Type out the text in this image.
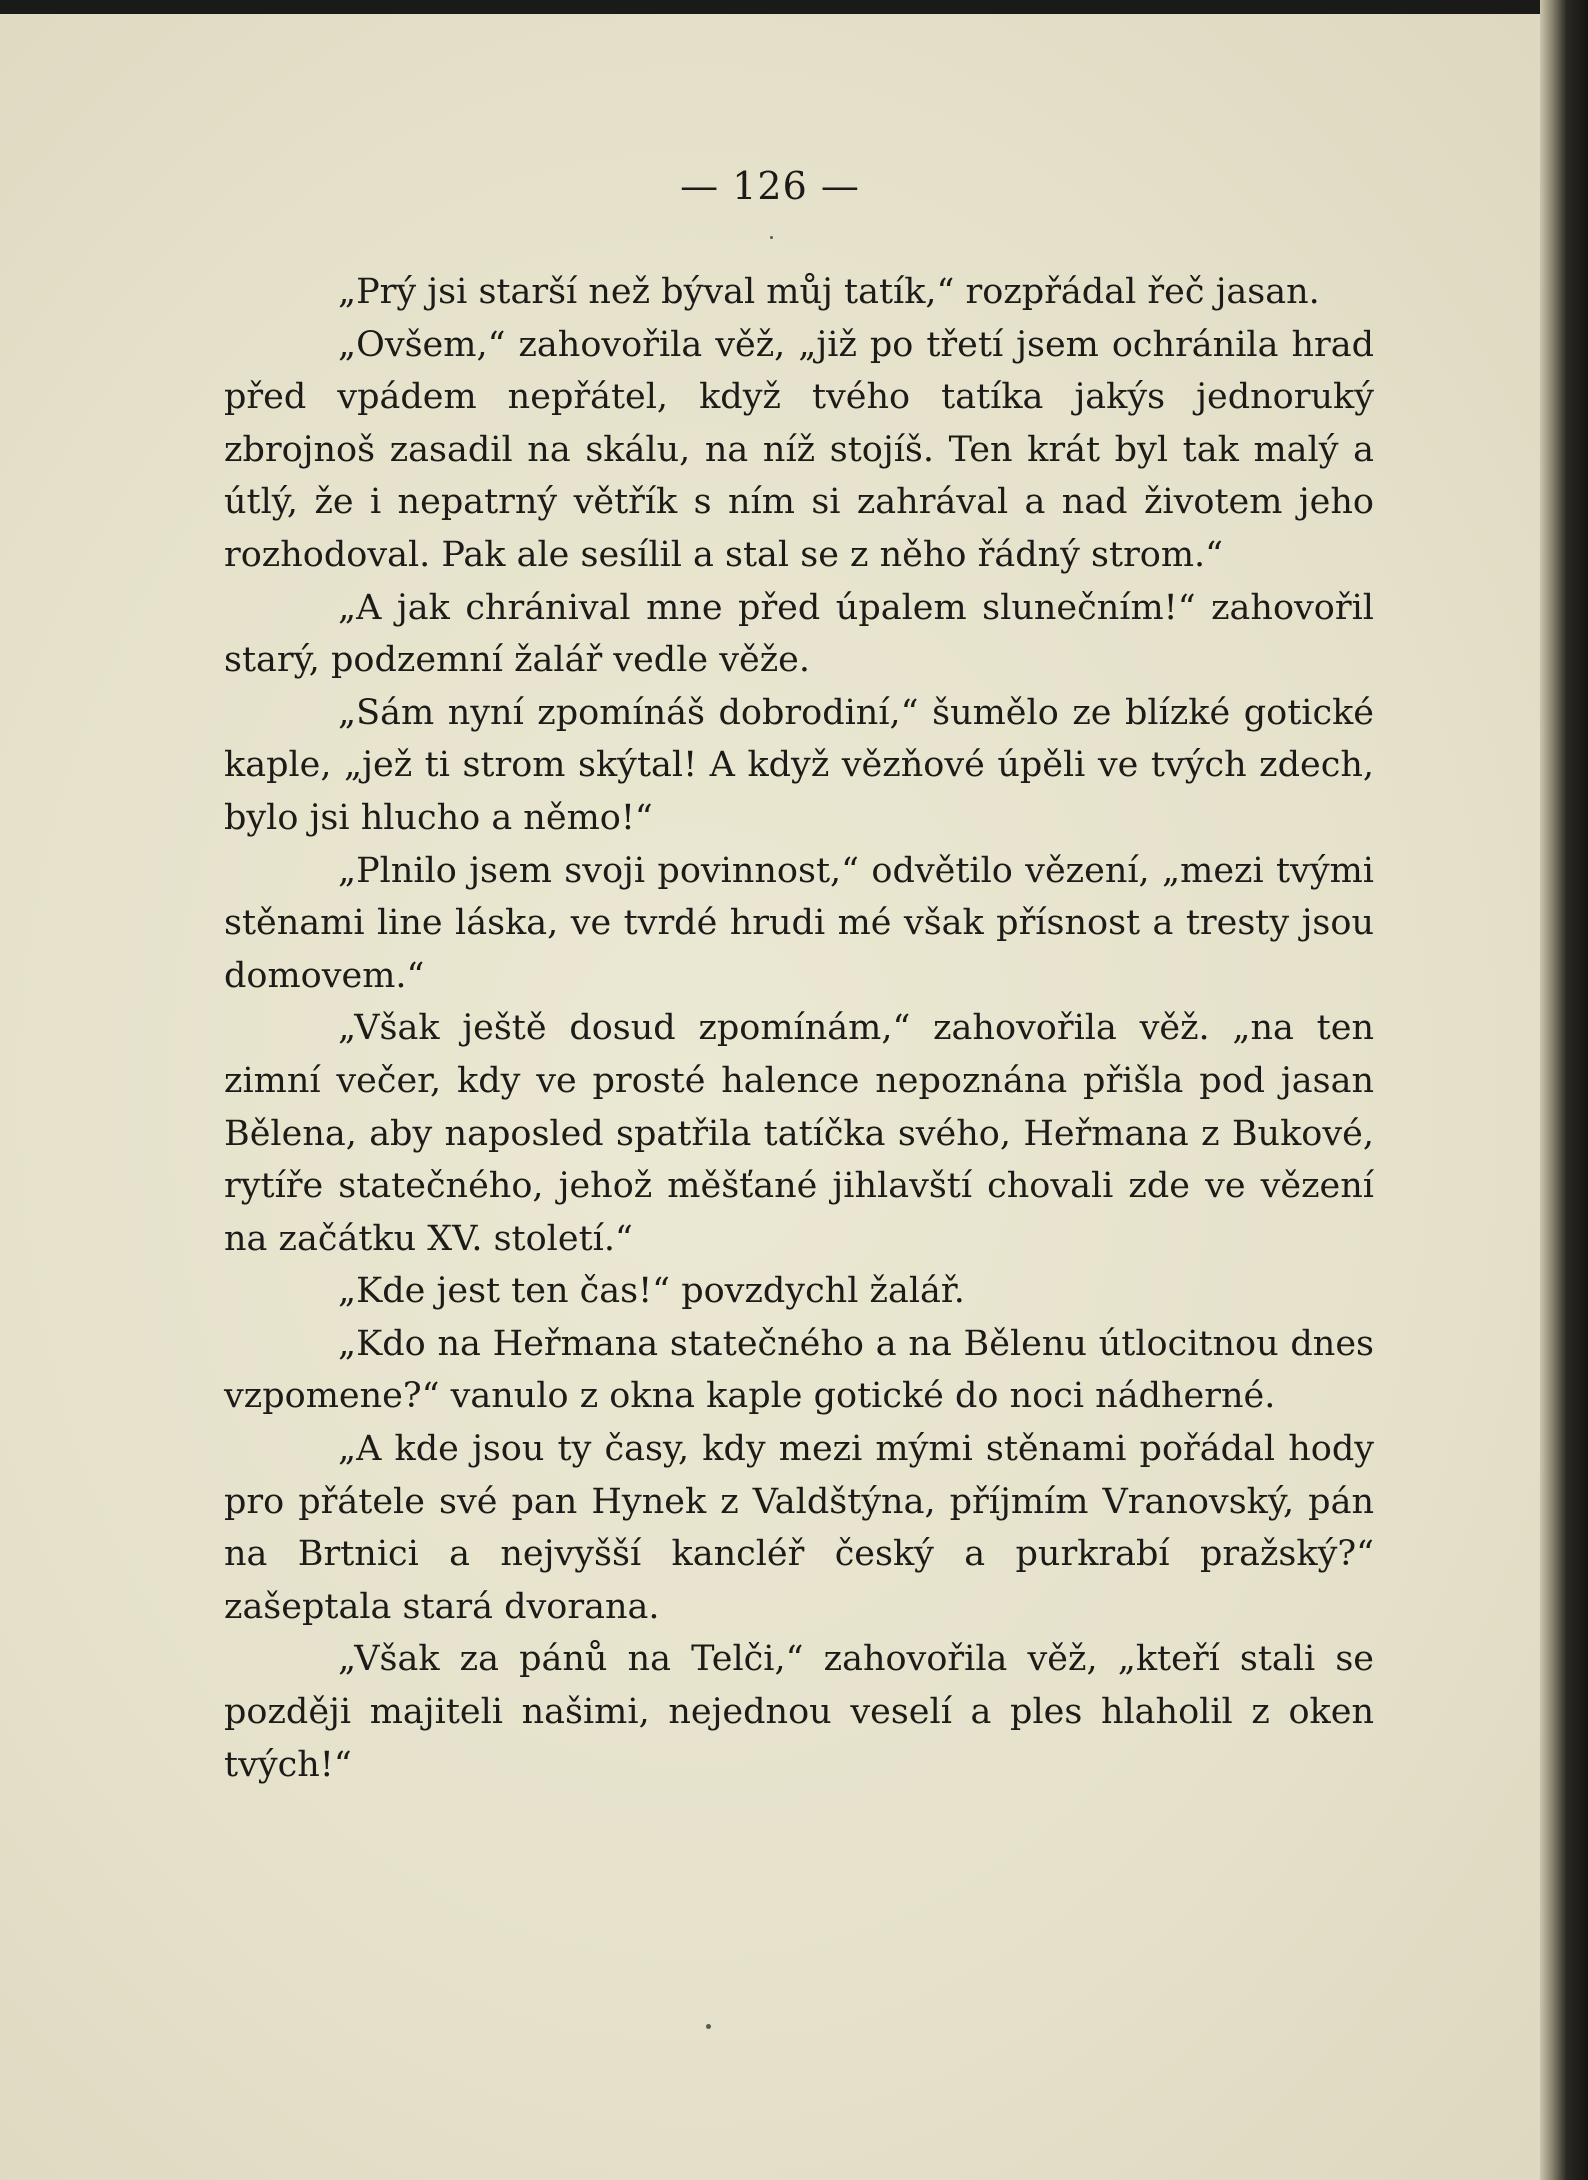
— 126 —

„Prý jsi starší než býval můj tatík,“ rozpřádal řeč jasan.

„Ovšem,“ zahovořila věž, „již po třetí jsem ochránila hrad před vpádem nepřátel, když tvého tatíka jakýs jednoruký zbrojnoš zasadil na skálu, na níž stojíš. Ten krát byl tak malý a útlý, že i nepatrný větřík s ním si zahrával a nad životem jeho rozhodoval. Pak ale sesílil a stal se z něho řádný strom.“

„A jak chránival mne před úpalem slunečním!“ zahovořil starý, podzemní žalář vedle věže.

„Sám nyní zpomínáš dobrodiní,“ šumělo ze blízké gotické kaple, „jež ti strom skýtal! A když vězňové úpěli ve tvých zdech, bylo jsi hlucho a němo!“

„Plnilo jsem svoji povinnost,“ odvětilo vězení, „mezi tvými stěnami line láska, ve tvrdé hrudi mé však přísnost a tresty jsou domovem.“

„Však ještě dosud zpomínám,“ zahovořila věž. „na ten zimní večer, kdy ve prosté halence nepoznána přišla pod jasan Bělena, aby naposled spatřila tatíčka svého, Heřmana z Bukové, rytíře statečného, jehož měšťané jihlavští chovali zde ve vězení na začátku XV. století.“

„Kde jest ten čas!“ povzdychl žalář.

„Kdo na Heřmana statečného a na Bělenu útlocitnou dnes vzpomene?“ vanulo z okna kaple gotické do noci nádherné.

„A kde jsou ty časy, kdy mezi mými stěnami pořádal hody pro přátele své pan Hynek z Valdštýna, příjmím Vranovský, pán na Brtnici a nejvyšší kancléř český a purkrabí pražský?“ zašeptala stará dvorana.

„Však za pánů na Telči,“ zahovořila věž, „kteří stali se později majiteli našimi, nejednou veselí a ples hlaholil z oken tvých!“
